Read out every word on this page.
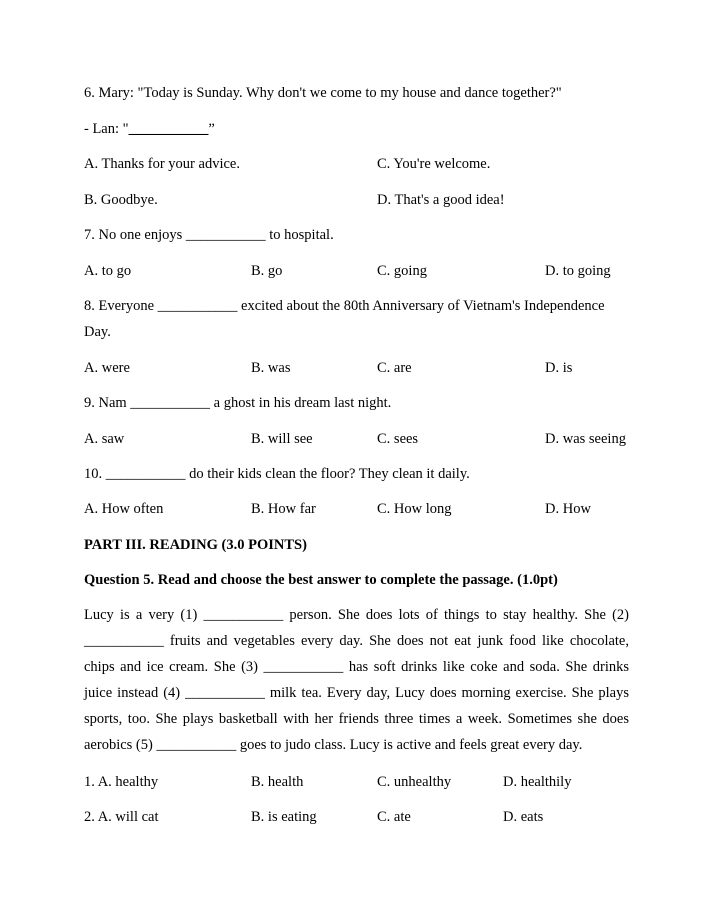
6. Mary: "Today is Sunday. Why don't we come to my house and dance together?"
- Lan: "___________”
A. Thanks for your advice.	C. You're welcome.
B. Goodbye.	D. That's a good idea!
7. No one enjoys ___________ to hospital.
A. to go	B. go	C. going	D. to going

8. Everyone ___________ excited about the 80th Anniversary of Vietnam's Independence Day.

A. were	B. was	C. are	D. is
9. Nam ___________ a ghost in his dream last night.
A. saw	B. will see	C. sees	D. was seeing
10. ___________ do their kids clean the floor? They clean it daily.
A. How often	B. How far	C. How long	D. How
PART III. READING (3.0 POINTS)
Question 5. Read and choose the best answer to complete the passage. (1.0pt)

Lucy is a very (1) ___________ person. She does lots of things to stay healthy. She (2) ___________ fruits and vegetables every day. She does not eat junk food like chocolate, chips and ice cream. She (3) ___________ has soft drinks like coke and soda. She drinks juice instead (4) ___________ milk tea. Every day, Lucy does morning exercise. She plays sports, too. She plays basketball with her friends three times a week. Sometimes she does aerobics (5) ___________ goes to judo class. Lucy is active and feels great every day.

1. A. healthy	B. health	C. unhealthy	D. healthily
2. A. will cat	B. is eating	C. ate	D. eats
